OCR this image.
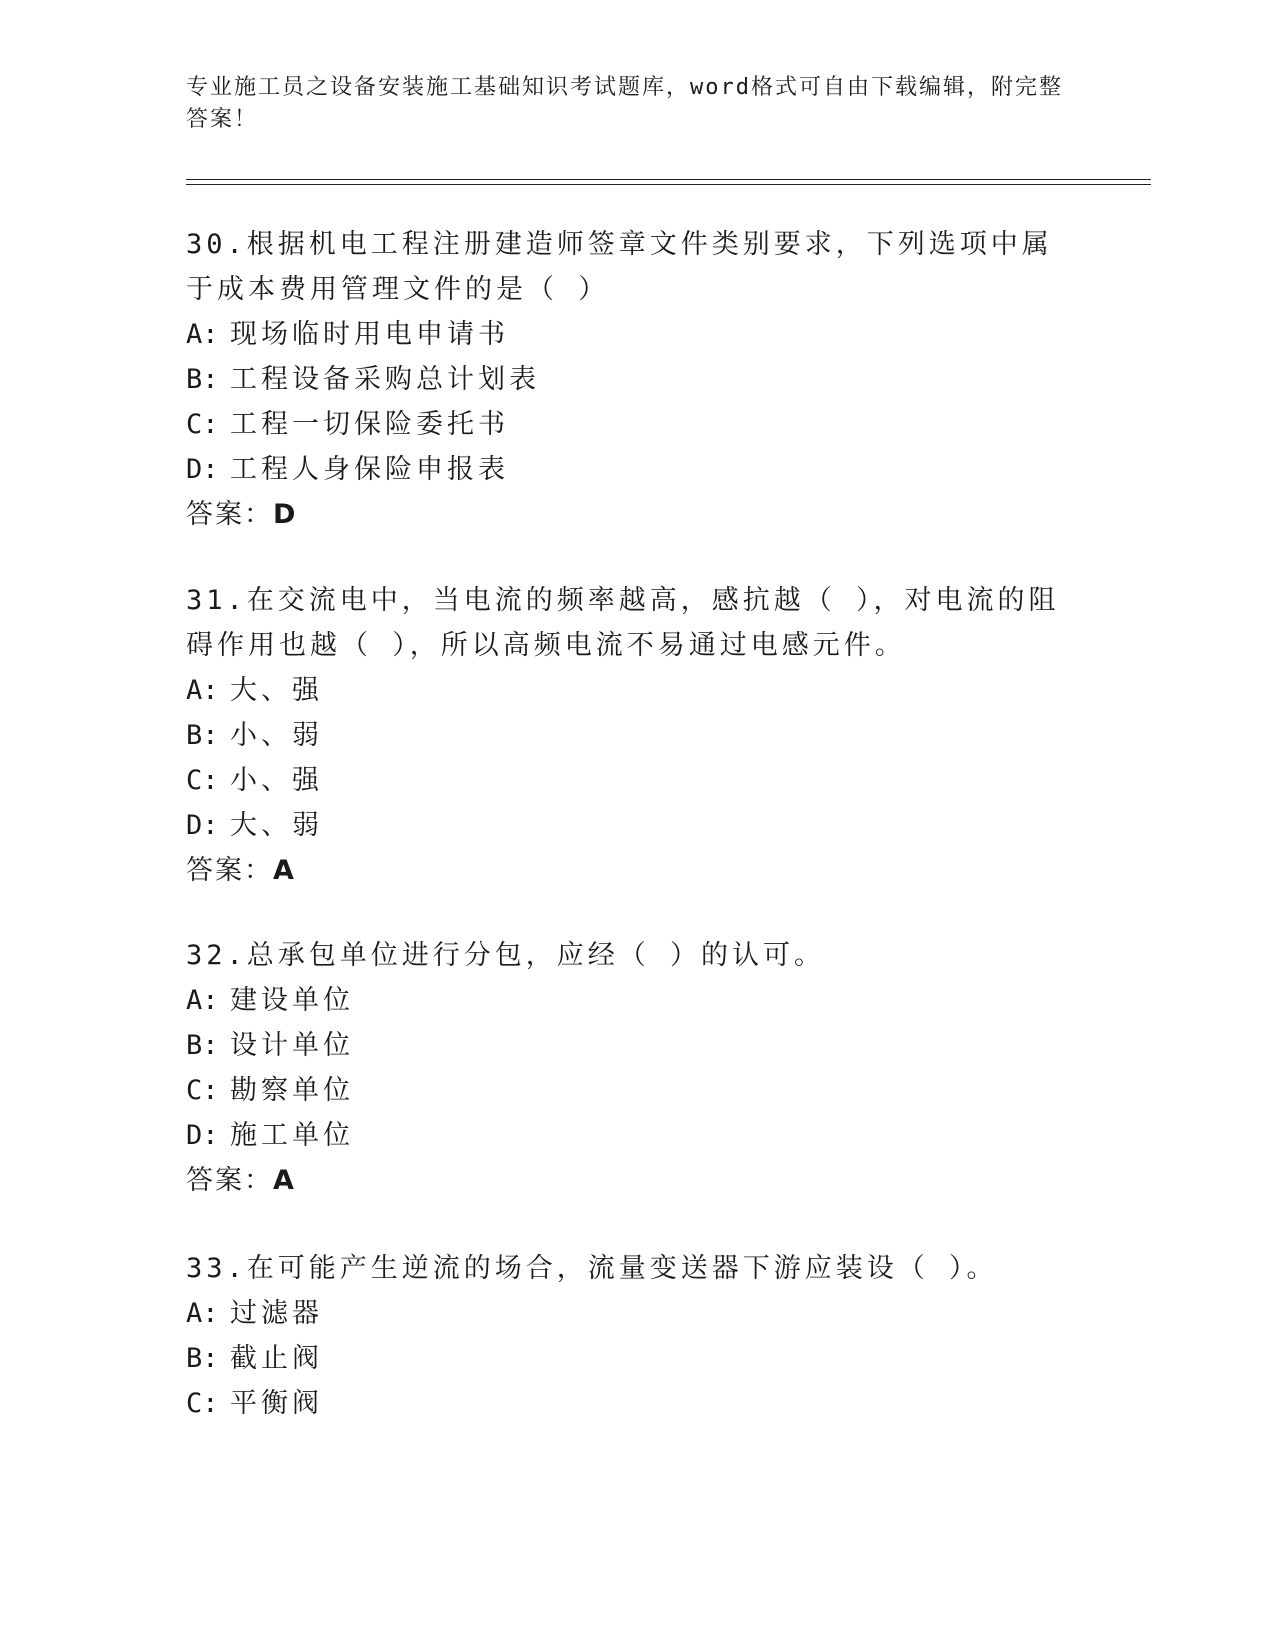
专业施工员之设备安装施工基础知识考试题库，word格式可自由下载编辑，附完整答案！

30.根据机电工程注册建造师签章文件类别要求，下列选项中属于成本费用管理文件的是（ ）

A: 现场临时用电申请书

B: 工程设备采购总计划表

C: 工程一切保险委托书

D: 工程人身保险申报表

答案：D

31.在交流电中，当电流的频率越高，感抗越（ ），对电流的阻碍作用也越（ ），所以高频电流不易通过电感元件。

A: 大、强

B: 小、弱

C: 小、强

D: 大、弱

答案：A

32.总承包单位进行分包，应经（ ）的认可。

A: 建设单位

B: 设计单位

C: 勘察单位

D: 施工单位

答案：A

33.在可能产生逆流的场合，流量变送器下游应装设（ ）。

A: 过滤器

B: 截止阀

C: 平衡阀
